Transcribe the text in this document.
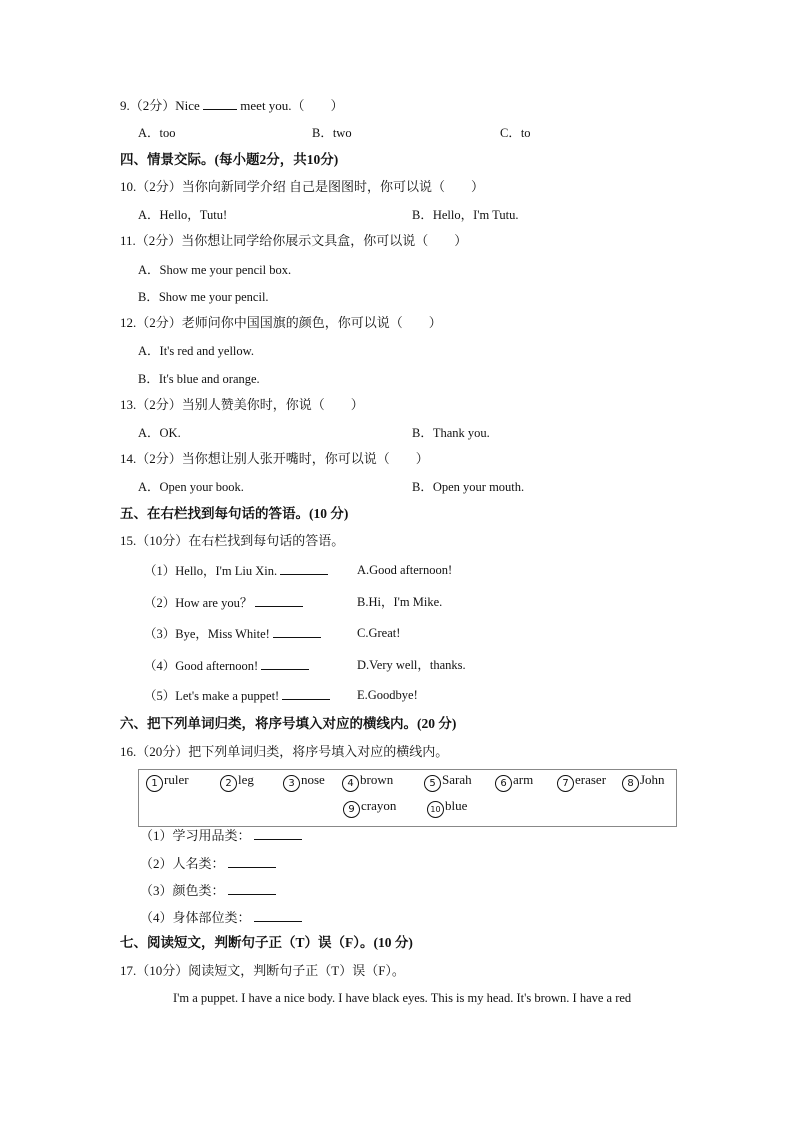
9.（2分）Nice	meet you.（　　）
A．too	B．two	C．to
四、情景交际。(每小题2分，共10分)
10.（2分）当你向新同学介绍 自己是图图时，你可以说（　　）
A．Hello，Tutu!	B．Hello，I'm Tutu.
11.（2分）当你想让同学给你展示文具盒，你可以说（　　）
A．Show me your pencil box.
B．Show me your pencil.
12.（2分）老师问你中国国旗的颜色，你可以说（　　）
A．It's red and yellow.
B．It's blue and orange.
13.（2分）当别人赞美你时，你说（　　）
A．OK.	B．Thank you.
14.（2分）当你想让别人张开嘴时，你可以说（　　）
A．Open your book.	B．Open your mouth.
五、在右栏找到每句话的答语。(10 分)
15.（10分）在右栏找到每句话的答语。
（1）Hello，I'm Liu Xin.	A.Good afternoon!
（2）How are you？	B.Hi，I'm Mike.
（3）Bye，Miss White!	C.Great!
（4）Good afternoon!	D.Very well，thanks.
（5）Let's make a puppet!	E.Goodbye!
六、把下列单词归类，将序号填入对应的横线内。(20 分)
16.（20分）把下列单词归类，将序号填入对应的横线内。
1 ruler	2 leg	3 nose	4 brown	5 Sarah	6 arm	7 eraser	8 John
9 crayon	10 blue
（1）学习用品类：
（2）人名类：
（3）颜色类：
（4）身体部位类：
七、阅读短文，判断句子正（T）误（F）。(10 分)
17.（10分）阅读短文，判断句子正（T）误（F）。
I'm a puppet. I have a nice body. I have black eyes. This is my head. It's brown. I have a red
